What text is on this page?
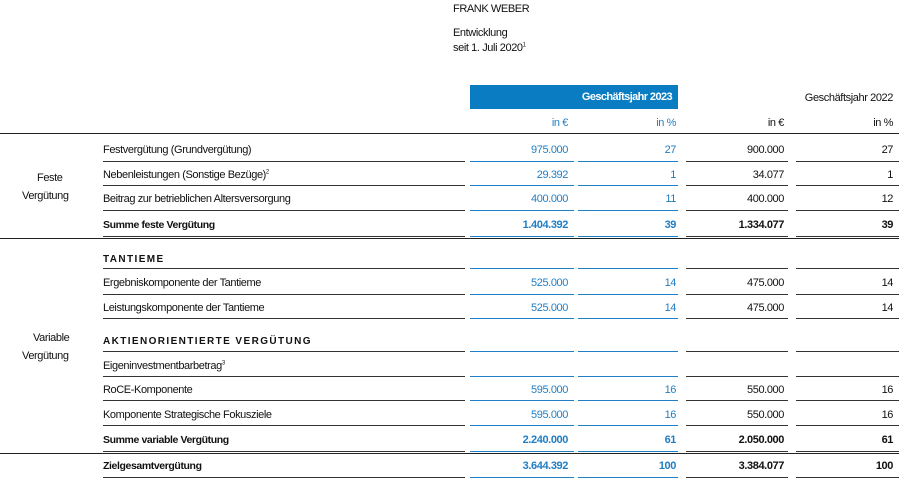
FRANK WEBER
Entwicklung
seit 1. Juli 2020$^1$
Geschäftsjahr 2023	Geschäftsjahr 2022
in €	in %	in €	in %
Feste
Vergütung
Variable
Vergütung
TANTIEME
AKTIENORIENTIERTE VERGÜTUNG
Festvergütung (Grundvergütung)	975.000	27	900.000	27
Nebenleistungen (Sonstige Bezüge)$^2$	29.392	1	34.077	1
Beitrag zur betrieblichen Altersversorgung	400.000	11	400.000	12
Summe feste Vergütung	1.404.392	39	1.334.077	39
Ergebniskomponente der Tantieme	525.000	14	475.000	14
Leistungskomponente der Tantieme	525.000	14	475.000	14
Eigeninvestmentbarbetrag$^3$
RoCE-Komponente	595.000	16	550.000	16
Komponente Strategische Fokusziele	595.000	16	550.000	16
Summe variable Vergütung	2.240.000	61	2.050.000	61
Zielgesamtvergütung	3.644.392	100	3.384.077	100
